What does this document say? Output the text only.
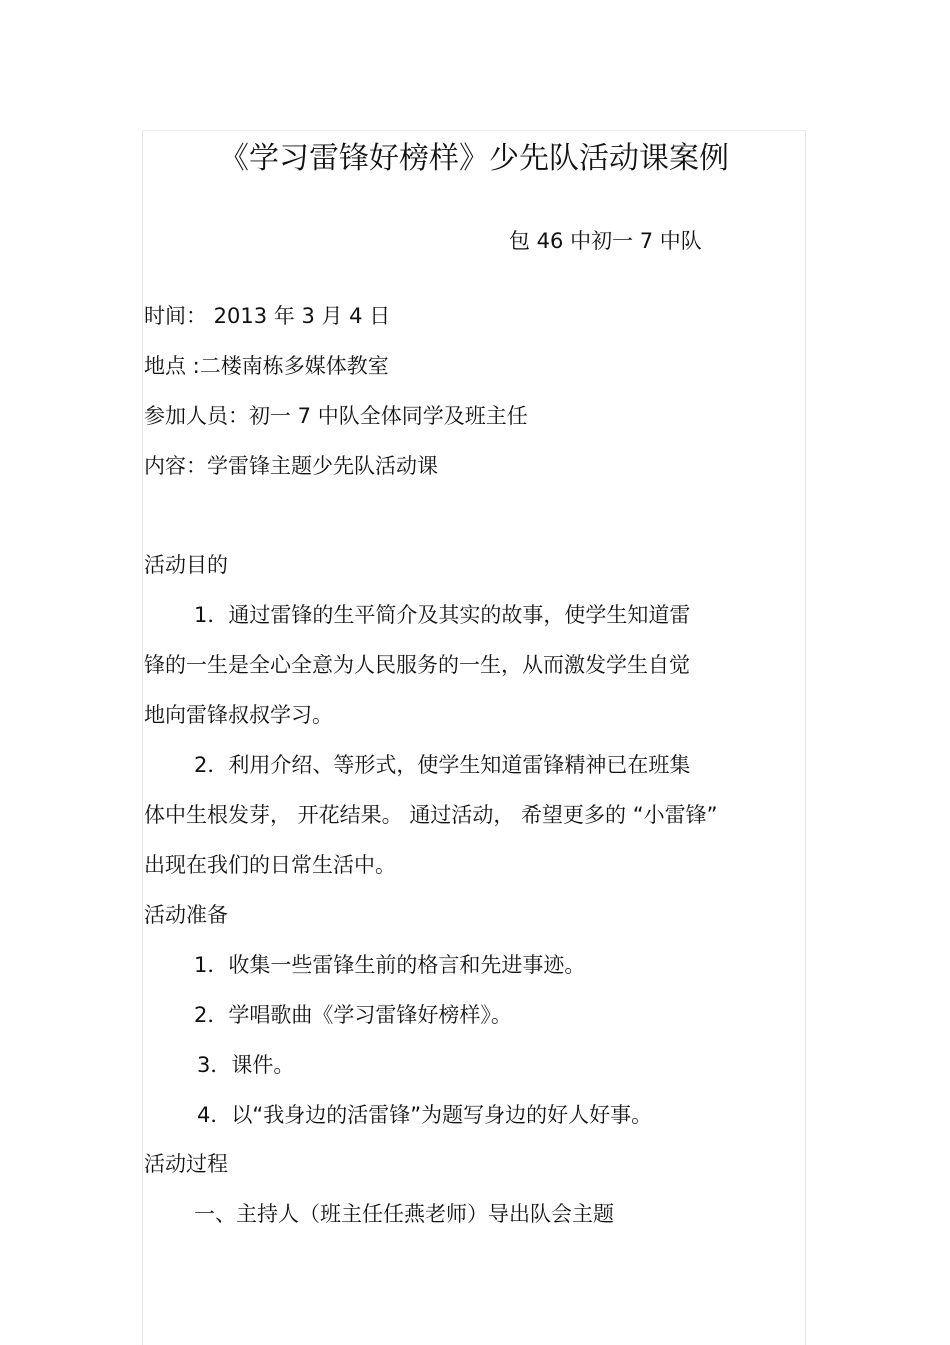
《学习雷锋好榜样》少先队活动课案例
包 46 中初一 7 中队
时间： 2013 年 3 月 4 日
地点 :二楼南栋多媒体教室
参加人员：初一 7 中队全体同学及班主任
内容：学雷锋主题少先队活动课
活动目的
1．通过雷锋的生平简介及其实的故事，使学生知道雷
锋的一生是全心全意为人民服务的一生，从而激发学生自觉
地向雷锋叔叔学习。
2．利用介绍、等形式，使学生知道雷锋精神已在班集
体中生根发芽， 开花结果。 通过活动， 希望更多的 “小雷锋”
出现在我们的日常生活中。
活动准备
1．收集一些雷锋生前的格言和先进事迹。
2．学唱歌曲《学习雷锋好榜样》。
3．课件。
4．以“我身边的活雷锋”为题写身边的好人好事。
活动过程
一、主持人（班主任任燕老师）导出队会主题
